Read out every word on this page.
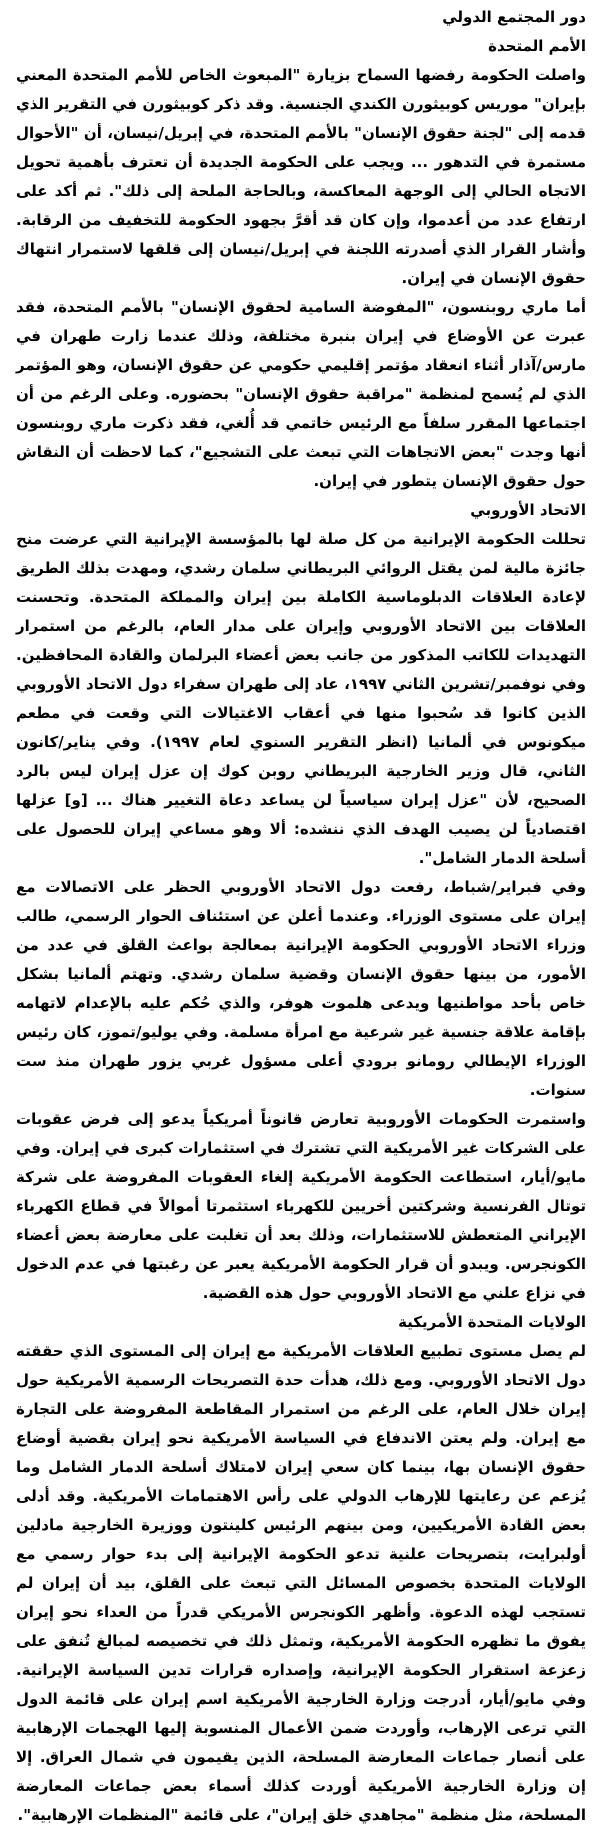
دور المجتمع الدولي
الأمم المتحدة

واصلت الحكومة رفضها السماح بزيارة "المبعوث الخاص للأمم المتحدة المعني بإيران" موريس كوبيثورن الكندي الجنسية. وقد ذكر كوبيثورن في التقرير الذي قدمه إلى "لجنة حقوق الإنسان" بالأمم المتحدة، في إبريل/نيسان، أن "الأحوال مستمرة في التدهور ... ويجب على الحكومة الجديدة أن تعترف بأهمية تحويل الاتجاه الحالي إلى الوجهة المعاكسة، وبالحاجة الملحة إلى ذلك". ثم أكد على ارتفاع عدد من أعدموا، وإن كان قد أقرَّ بجهود الحكومة للتخفيف من الرقابة. وأشار القرار الذي أصدرته اللجنة في إبريل/نيسان إلى قلقها لاستمرار انتهاك حقوق الإنسان في إيران.

أما ماري روبنسون، "المفوضة السامية لحقوق الإنسان" بالأمم المتحدة، فقد عبرت عن الأوضاع في إيران بنبرة مختلفة، وذلك عندما زارت طهران في مارس/آذار أثناء انعقاد مؤتمر إقليمي حكومي عن حقوق الإنسان، وهو المؤتمر الذي لم يُسمح لمنظمة "مراقبة حقوق الإنسان" بحضوره. وعلى الرغم من أن اجتماعها المقرر سلفاً مع الرئيس خاتمي قد أُلغي، فقد ذكرت ماري روبنسون أنها وجدت "بعض الاتجاهات التي تبعث على التشجيع"، كما لاحظت أن النقاش حول حقوق الإنسان يتطور في إيران.

الاتحاد الأوروبي

تحللت الحكومة الإيرانية من كل صلة لها بالمؤسسة الإيرانية التي عرضت منح جائزة مالية لمن يقتل الروائي البريطاني سلمان رشدي، ومهدت بذلك الطريق لإعادة العلاقات الدبلوماسية الكاملة بين إيران والمملكة المتحدة. وتحسنت العلاقات بين الاتحاد الأوروبي وإيران على مدار العام، بالرغم من استمرار التهديدات للكاتب المذكور من جانب بعض أعضاء البرلمان والقادة المحافظين. وفي نوفمبر/تشرين الثاني ١٩٩٧، عاد إلى طهران سفراء دول الاتحاد الأوروبي الذين كانوا قد سُحبوا منها في أعقاب الاغتيالات التي وقعت في مطعم ميكونوس في ألمانيا (انظر التقرير السنوي لعام ١٩٩٧). وفي يناير/كانون الثاني، قال وزير الخارجية البريطاني روبن كوك إن عزل إيران ليس بالرد الصحيح، لأن "عزل إيران سياسياً لن يساعد دعاة التغيير هناك ... [و] عزلها اقتصادياً لن يصيب الهدف الذي ننشده: ألا وهو مساعي إيران للحصول على أسلحة الدمار الشامل".

وفي فبراير/شباط، رفعت دول الاتحاد الأوروبي الحظر على الاتصالات مع إيران على مستوى الوزراء. وعندما أعلن عن استئناف الحوار الرسمي، طالب وزراء الاتحاد الأوروبي الحكومة الإيرانية بمعالجة بواعث القلق في عدد من الأمور، من بينها حقوق الإنسان وقضية سلمان رشدي. وتهتم ألمانيا بشكل خاص بأحد مواطنيها ويدعى هلموت هوفر، والذي حُكم عليه بالإعدام لاتهامه بإقامة علاقة جنسية غير شرعية مع امرأة مسلمة. وفي يوليو/تموز، كان رئيس الوزراء الإيطالي رومانو برودي أعلى مسؤول غربي يزور طهران منذ ست سنوات.

واستمرت الحكومات الأوروبية تعارض قانوناً أمريكياً يدعو إلى فرض عقوبات على الشركات غير الأمريكية التي تشترك في استثمارات كبرى في إيران. وفي مايو/أيار، استطاعت الحكومة الأمريكية إلغاء العقوبات المفروضة على شركة توتال الفرنسية وشركتين أخريين للكهرباء استثمرتا أموالاً في قطاع الكهرباء الإيراني المتعطش للاستثمارات، وذلك بعد أن تغلبت على معارضة بعض أعضاء الكونجرس. ويبدو أن قرار الحكومة الأمريكية يعبر عن رغبتها في عدم الدخول في نزاع علني مع الاتحاد الأوروبي حول هذه القضية.

الولايات المتحدة الأمريكية

لم يصل مستوى تطبيع العلاقات الأمريكية مع إيران إلى المستوى الذي حققته دول الاتحاد الأوروبي. ومع ذلك، هدأت حدة التصريحات الرسمية الأمريكية حول إيران خلال العام، على الرغم من استمرار المقاطعة المفروضة على التجارة مع إيران. ولم يعتن الاندفاع في السياسة الأمريكية نحو إيران بقضية أوضاع حقوق الإنسان بها، بينما كان سعي إيران لامتلاك أسلحة الدمار الشامل وما يُزعم عن رعايتها للإرهاب الدولي على رأس الاهتمامات الأمريكية. وقد أدلى بعض القادة الأمريكيين، ومن بينهم الرئيس كلينتون ووزيرة الخارجية مادلين أولبرايت، بتصريحات علنية تدعو الحكومة الإيرانية إلى بدء حوار رسمي مع الولايات المتحدة بخصوص المسائل التي تبعث على القلق، بيد أن إيران لم تستجب لهذه الدعوة. وأظهر الكونجرس الأمريكي قدراً من العداء نحو إيران يفوق ما تظهره الحكومة الأمريكية، وتمثل ذلك في تخصيصه لمبالغ تُنفق على زعزعة استقرار الحكومة الإيرانية، وإصداره قرارات تدين السياسة الإيرانية. وفي مايو/أيار، أدرجت وزارة الخارجية الأمريكية اسم إيران على قائمة الدول التي ترعى الإرهاب، وأوردت ضمن الأعمال المنسوبة إليها الهجمات الإرهابية على أنصار جماعات المعارضة المسلحة، الذين يقيمون في شمال العراق. إلا إن وزارة الخارجية الأمريكية أوردت كذلك أسماء بعض جماعات المعارضة المسلحة، مثل منظمة "مجاهدي خلق إيران"، على قائمة "المنظمات الإرهابية".
